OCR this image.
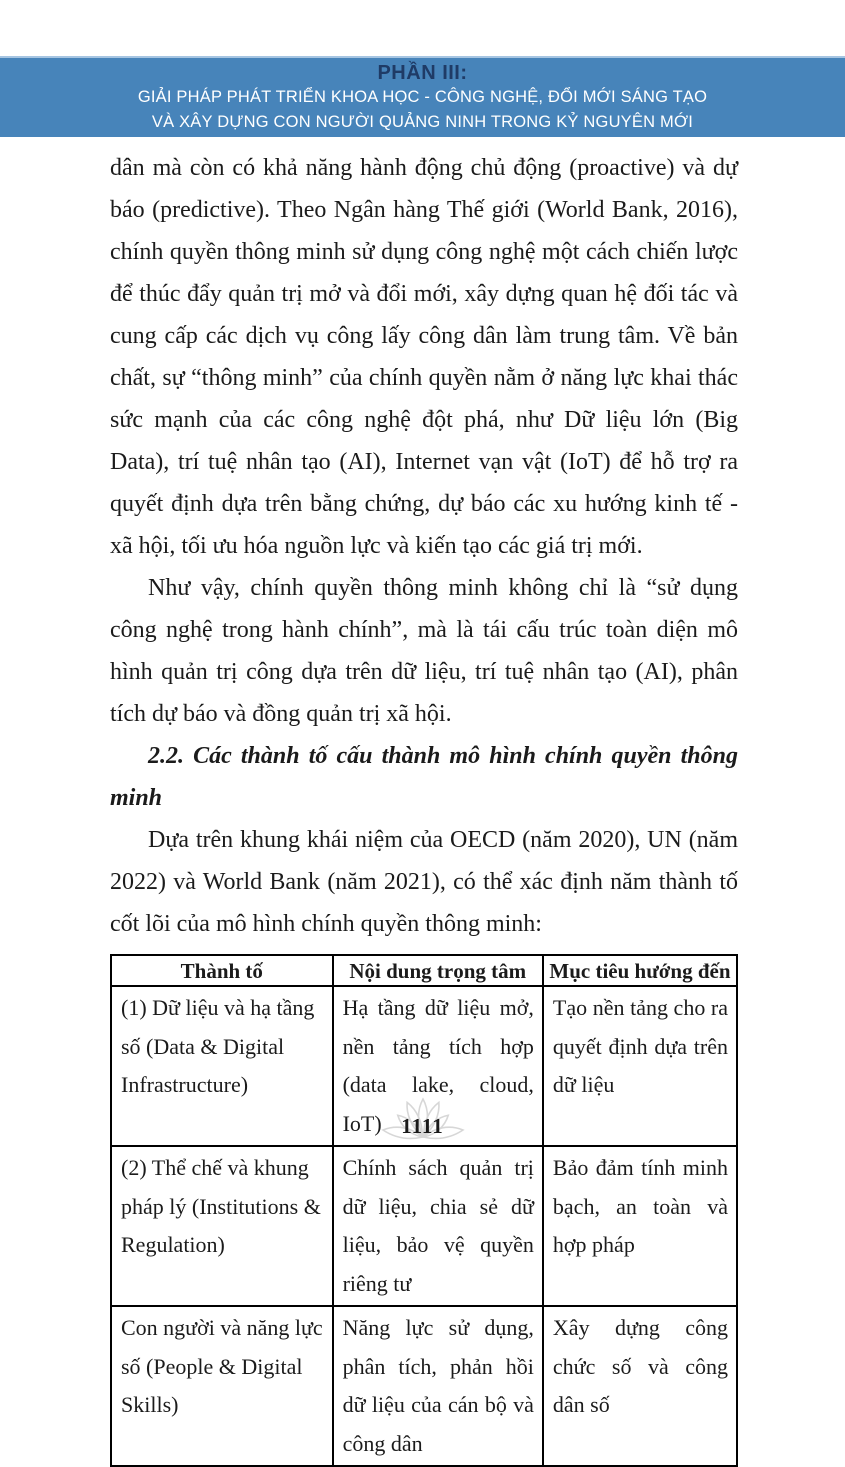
PHẦN III:
GIẢI PHÁP PHÁT TRIỂN KHOA HỌC - CÔNG NGHỆ, ĐỔI MỚI SÁNG TẠO
VÀ XÂY DỰNG CON NGƯỜI QUẢNG NINH TRONG KỶ NGUYÊN MỚI

dân mà còn có khả năng hành động chủ động (proactive) và dự báo (predictive). Theo Ngân hàng Thế giới (World Bank, 2016), chính quyền thông minh sử dụng công nghệ một cách chiến lược để thúc đẩy quản trị mở và đổi mới, xây dựng quan hệ đối tác và cung cấp các dịch vụ công lấy công dân làm trung tâm. Về bản chất, sự “thông minh” của chính quyền nằm ở năng lực khai thác sức mạnh của các công nghệ đột phá, như Dữ liệu lớn (Big Data), trí tuệ nhân tạo (AI), Internet vạn vật (IoT) để hỗ trợ ra quyết định dựa trên bằng chứng, dự báo các xu hướng kinh tế - xã hội, tối ưu hóa nguồn lực và kiến tạo các giá trị mới.

Như vậy, chính quyền thông minh không chỉ là “sử dụng công nghệ trong hành chính”, mà là tái cấu trúc toàn diện mô hình quản trị công dựa trên dữ liệu, trí tuệ nhân tạo (AI), phân tích dự báo và đồng quản trị xã hội.

2.2. Các thành tố cấu thành mô hình chính quyền thông minh

Dựa trên khung khái niệm của OECD (năm 2020), UN (năm 2022) và World Bank (năm 2021), có thể xác định năm thành tố cốt lõi của mô hình chính quyền thông minh:

Thành tố	Nội dung trọng tâm	Mục tiêu hướng đến
(1) Dữ liệu và hạ tầng số (Data & Digital Infrastructure)	Hạ tầng dữ liệu mở, nền tảng tích hợp (data lake, cloud, IoT)	Tạo nền tảng cho ra quyết định dựa trên dữ liệu
(2) Thể chế và khung pháp lý (Institutions & Regulation)	Chính sách quản trị dữ liệu, chia sẻ dữ liệu, bảo vệ quyền riêng tư	Bảo đảm tính minh bạch, an toàn và hợp pháp
Con người và năng lực số (People & Digital Skills)	Năng lực sử dụng, phân tích, phản hồi dữ liệu của cán bộ và công dân	Xây dựng công chức số và công dân số
1111
